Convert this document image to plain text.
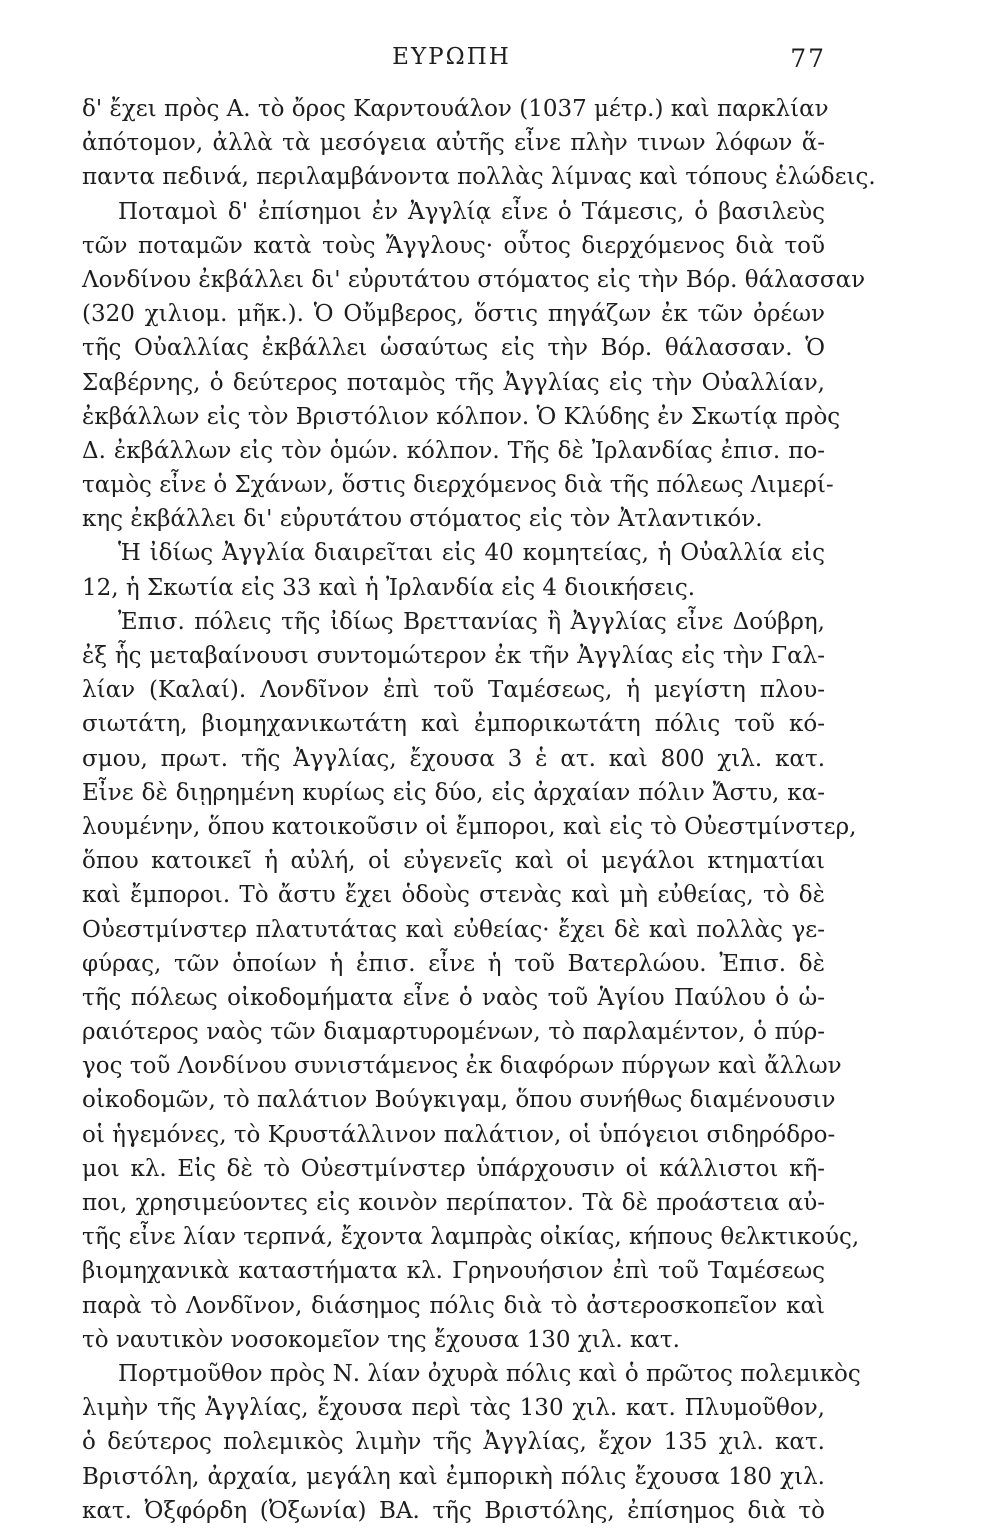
ΕΥΡΩΠΗ	77
δ' ἔχει πρὸς Α. τὸ ὄρος Καρντουάλον (1037 μέτρ.) καὶ παρκλίαν
ἀπότομον, ἀλλὰ τὰ μεσόγεια αὐτῆς εἶνε πλὴν τινων λόφων ἅ-
παντα πεδινά, περιλαμβάνοντα πολλὰς λίμνας καὶ τόπους ἑλώδεις.
Ποταμοὶ δ' ἐπίσημοι ἐν Ἀγγλίᾳ εἶνε ὁ Τάμεσις, ὁ βασιλεὺς
τῶν ποταμῶν κατὰ τοὺς Ἄγγλους· οὗτος διερχόμενος διὰ τοῦ
Λονδίνου ἐκβάλλει δι' εὐρυτάτου στόματος εἰς τὴν Βόρ. θάλασσαν
(320 χιλιομ. μῆκ.). Ὁ Οὔμβερος, ὅστις πηγάζων ἐκ τῶν ὀρέων
τῆς Οὐαλλίας ἐκβάλλει ὡσαύτως εἰς τὴν Βόρ. θάλασσαν. Ὁ
Σαβέρνης, ὁ δεύτερος ποταμὸς τῆς Ἀγγλίας εἰς τὴν Οὐαλλίαν,
ἐκβάλλων εἰς τὸν Βριστόλιον κόλπον. Ὁ Κλύδης ἐν Σκωτίᾳ πρὸς
Δ. ἐκβάλλων εἰς τὸν ὁμών. κόλπον. Τῆς δὲ Ἰρλανδίας ἐπισ. πο-
ταμὸς εἶνε ὁ Σχάνων, ὅστις διερχόμενος διὰ τῆς πόλεως Λιμερί-
κης ἐκβάλλει δι' εὐρυτάτου στόματος εἰς τὸν Ἀτλαντικόν.
Ἡ ἰδίως Ἀγγλία διαιρεῖται εἰς 40 κομητείας, ἡ Οὐαλλία εἰς
12, ἡ Σκωτία εἰς 33 καὶ ἡ Ἰρλανδία εἰς 4 διοικήσεις.
Ἐπισ. πόλεις τῆς ἰδίως Βρεττανίας ἢ Ἀγγλίας εἶνε Δούβρη,
ἐξ ἧς μεταβαίνουσι συντομώτερον ἐκ τῆν Ἀγγλίας εἰς τὴν Γαλ-
λίαν (Καλαί). Λονδῖνον ἐπὶ τοῦ Ταμέσεως, ἡ μεγίστη πλου-
σιωτάτη, βιομηχανικωτάτη καὶ ἐμπορικωτάτη πόλις τοῦ κό-
σμου, πρωτ. τῆς Ἀγγλίας, ἔχουσα 3 ἑ ατ. καὶ 800 χιλ. κατ.
Εἶνε δὲ διῃρημένη κυρίως εἰς δύο, εἰς ἀρχαίαν πόλιν Ἄστυ, κα-
λουμένην, ὅπου κατοικοῦσιν οἱ ἔμποροι, καὶ εἰς τὸ Οὐεστμίνστερ,
ὅπου κατοικεῖ ἡ αὐλή, οἱ εὐγενεῖς καὶ οἱ μεγάλοι κτηματίαι
καὶ ἔμποροι. Τὸ ἄστυ ἔχει ὁδοὺς στενὰς καὶ μὴ εὐθείας, τὸ δὲ
Οὐεστμίνστερ πλατυτάτας καὶ εὐθείας· ἔχει δὲ καὶ πολλὰς γε-
φύρας, τῶν ὁποίων ἡ ἐπισ. εἶνε ἡ τοῦ Βατερλώου. Ἐπισ. δὲ
τῆς πόλεως οἰκοδομήματα εἶνε ὁ ναὸς τοῦ Ἁγίου Παύλου ὁ ὡ-
ραιότερος ναὸς τῶν διαμαρτυρομένων, τὸ παρλαμέντον, ὁ πύρ-
γος τοῦ Λονδίνου συνιστάμενος ἐκ διαφόρων πύργων καὶ ἄλλων
οἰκοδομῶν, τὸ παλάτιον Βούγκιγαμ, ὅπου συνήθως διαμένουσιν
οἱ ἡγεμόνες, τὸ Κρυστάλλινον παλάτιον, οἱ ὑπόγειοι σιδηρόδρο-
μοι κλ. Εἰς δὲ τὸ Οὐεστμίνστερ ὑπάρχουσιν οἱ κάλλιστοι κῆ-
ποι, χρησιμεύοντες εἰς κοινὸν περίπατον. Τὰ δὲ προάστεια αὐ-
τῆς εἶνε λίαν τερπνά, ἔχοντα λαμπρὰς οἰκίας, κήπους θελκτικούς,
βιομηχανικὰ καταστήματα κλ. Γρηνουήσιον ἐπὶ τοῦ Ταμέσεως
παρὰ τὸ Λονδῖνον, διάσημος πόλις διὰ τὸ ἀστεροσκοπεῖον καὶ
τὸ ναυτικὸν νοσοκομεῖον της ἔχουσα 130 χιλ. κατ.
Πορτμοῦθον πρὸς Ν. λίαν ὀχυρὰ πόλις καὶ ὁ πρῶτος πολεμικὸς
λιμὴν τῆς Ἀγγλίας, ἔχουσα περὶ τὰς 130 χιλ. κατ. Πλυμοῦθον,
ὁ δεύτερος πολεμικὸς λιμὴν τῆς Ἀγγλίας, ἔχον 135 χιλ. κατ.
Βριστόλη, ἀρχαία, μεγάλη καὶ ἐμπορικὴ πόλις ἔχουσα 180 χιλ.
κατ. Ὀξφόρδη (Ὀξωνία) ΒΑ. τῆς Βριστόλης, ἐπίσημος διὰ τὸ
